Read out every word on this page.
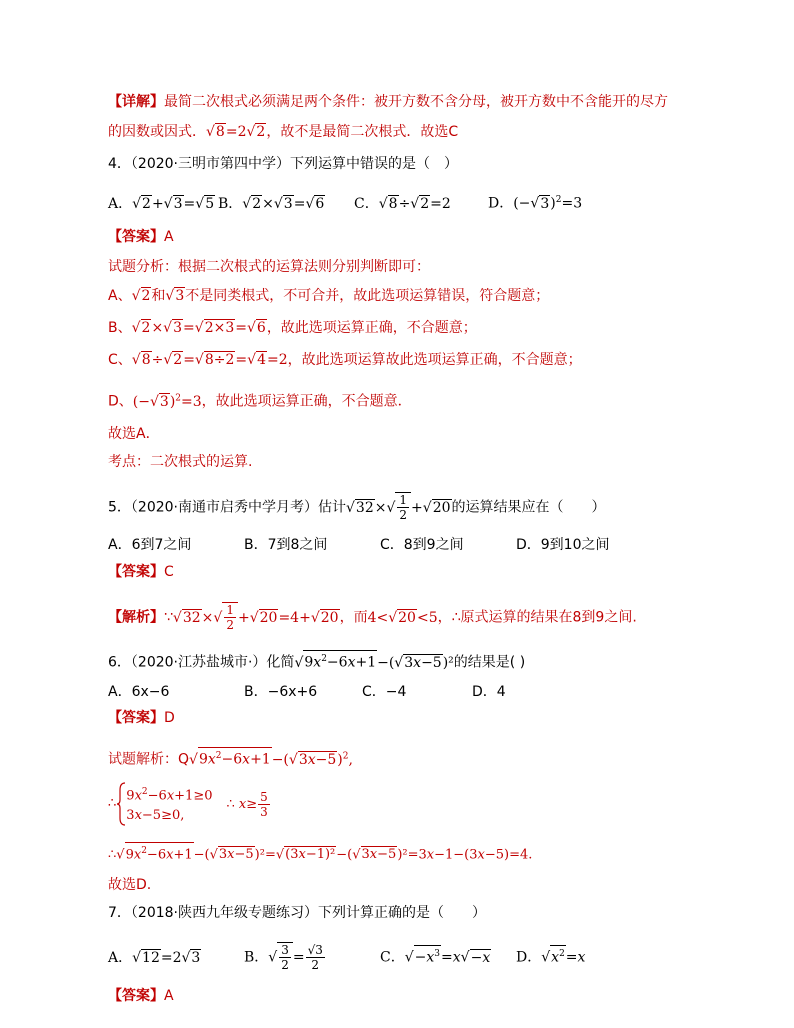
【详解】最简二次根式必须满足两个条件：被开方数不含分母，被开方数中不含能开的尽方
的因数或因式．√8=2√2，故不是最简二次根式．故选C
4．（2020·三明市第四中学）下列运算中错误的是（　）
A．√2+√3=√5 B．√2×√3=√6 C．√8÷√2=2	D．$(-√3)^2=3$
【答案】A
试题分析：根据二次根式的运算法则分别判断即可：
A、√2和√3不是同类根式，不可合并，故此选项运算错误，符合题意；
B、√2×√3=√2×3=√6，故此选项运算正确，不合题意；
C、√8÷√2=√8÷2=√4=2，故此选项运算故此选项运算正确，不合题意；
D、$(-√3)^2=3$，故此选项运算正确，不合题意．
故选A．
考点：二次根式的运算.
5．（2020·南通市启秀中学月考）估计$√32\times√ \frac{1}{2} +√20$的运算结果应在（　　）
A．6到7之间	B．7到8之间	C．8到9之间	D．9到10之间
【答案】C
【解析】∵√32×√ $\frac{1}{2} +√20=4+√20$，而4<√20<5，∴原式运算的结果在8到9之间.
6．（2020·江苏盐城市·）化简$√9x^2-6x+1-(√3x-5)^2$的结果是( )
A．6x−6	B．−6x+6	C．−4	D．4
【答案】D
试题解析：$Q√9x^2-6x+1-(√3x-5)^2$,
∴ $9x^2-6x+1\ge 0$
3x−5≥0,
∴ $x\ge \frac{5}{3}$
$\therefore√9x^2-6x+1-(√3x-5)^2=√(3x-1)^2-(√3x-5)^2=3x-1-(3x-5)=4$.
故选D.
7．（2018·陕西九年级专题练习）下列计算正确的是（　　）
A．√12=2√3	B．√ $\frac{3}{2} = \frac{√3}{2}$	C．$√-x^3=x√-x$ D．$√x^2=x$
【答案】A
